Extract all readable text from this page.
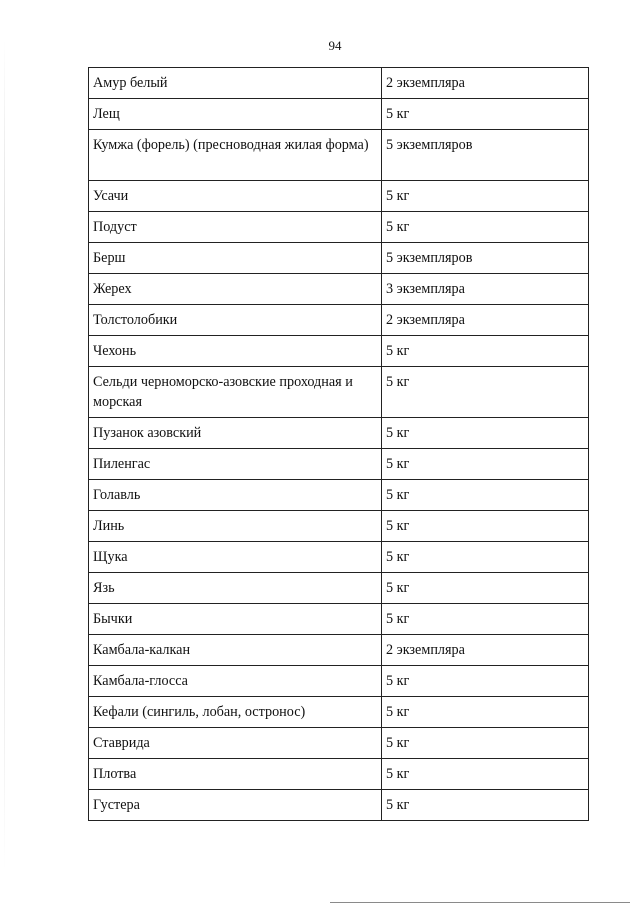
94
Амур белый	2 экземпляра
Лещ	5 кг
Кумжа (форель) (пресноводная жилая форма)	5 экземпляров
Усачи	5 кг
Подуст	5 кг
Берш	5 экземпляров
Жерех	3 экземпляра
Толстолобики	2 экземпляра
Чехонь	5 кг
Сельди черноморско-азовские проходная и морская	5 кг
Пузанок азовский	5 кг
Пиленгас	5 кг
Голавль	5 кг
Линь	5 кг
Щука	5 кг
Язь	5 кг
Бычки	5 кг
Камбала-калкан	2 экземпляра
Камбала-глосса	5 кг
Кефали (сингиль, лобан, остронос)	5 кг
Ставрида	5 кг
Плотва	5 кг
Густера	5 кг
